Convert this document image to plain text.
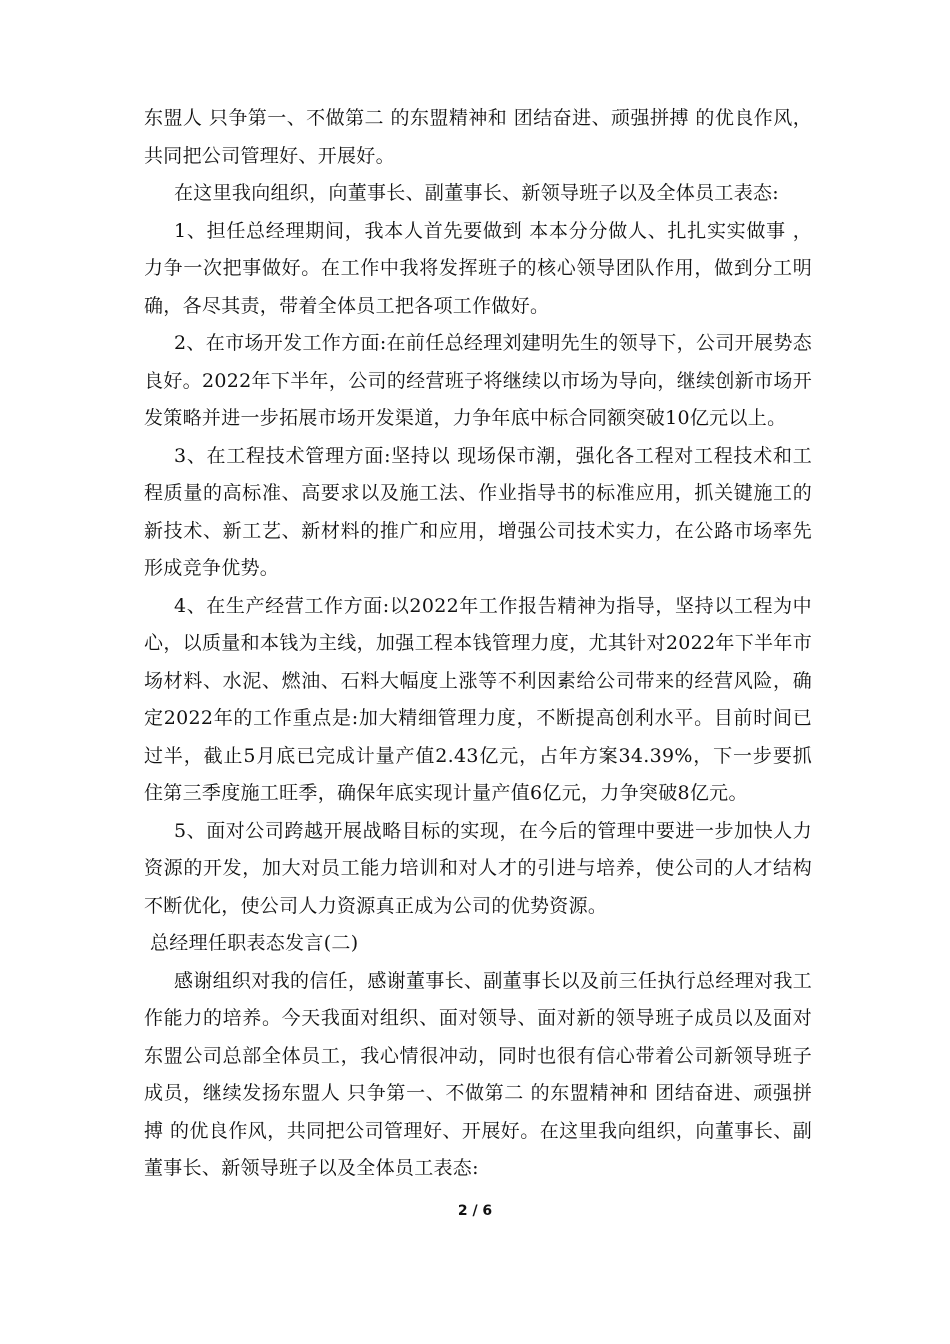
东盟人 只争第一、不做第二 的东盟精神和 团结奋进、顽强拼搏 的优良作风，共同把公司管理好、开展好。

在这里我向组织，向董事长、副董事长、新领导班子以及全体员工表态:

1、担任总经理期间，我本人首先要做到 本本分分做人、扎扎实实做事 ，力争一次把事做好。在工作中我将发挥班子的核心领导团队作用，做到分工明确，各尽其责，带着全体员工把各项工作做好。

2、在市场开发工作方面:在前任总经理刘建明先生的领导下，公司开展势态良好。2022年下半年，公司的经营班子将继续以市场为导向，继续创新市场开发策略并进一步拓展市场开发渠道，力争年底中标合同额突破10亿元以上。

3、在工程技术管理方面:坚持以 现场保市潮，强化各工程对工程技术和工程质量的高标准、高要求以及施工法、作业指导书的标准应用，抓关键施工的新技术、新工艺、新材料的推广和应用，增强公司技术实力，在公路市场率先形成竞争优势。

4、在生产经营工作方面:以2022年工作报告精神为指导，坚持以工程为中心，以质量和本钱为主线，加强工程本钱管理力度，尤其针对2022年下半年市场材料、水泥、燃油、石料大幅度上涨等不利因素给公司带来的经营风险，确定2022年的工作重点是:加大精细管理力度，不断提高创利水平。目前时间已过半，截止5月底已完成计量产值2.43亿元，占年方案34.39%，下一步要抓住第三季度施工旺季，确保年底实现计量产值6亿元，力争突破8亿元。

5、面对公司跨越开展战略目标的实现，在今后的管理中要进一步加快人力资源的开发，加大对员工能力培训和对人才的引进与培养，使公司的人才结构不断优化，使公司人力资源真正成为公司的优势资源。

总经理任职表态发言(二)

感谢组织对我的信任，感谢董事长、副董事长以及前三任执行总经理对我工作能力的培养。今天我面对组织、面对领导、面对新的领导班子成员以及面对东盟公司总部全体员工，我心情很冲动，同时也很有信心带着公司新领导班子成员，继续发扬东盟人 只争第一、不做第二 的东盟精神和 团结奋进、顽强拼搏 的优良作风，共同把公司管理好、开展好。在这里我向组织，向董事长、副董事长、新领导班子以及全体员工表态:

2 / 6
